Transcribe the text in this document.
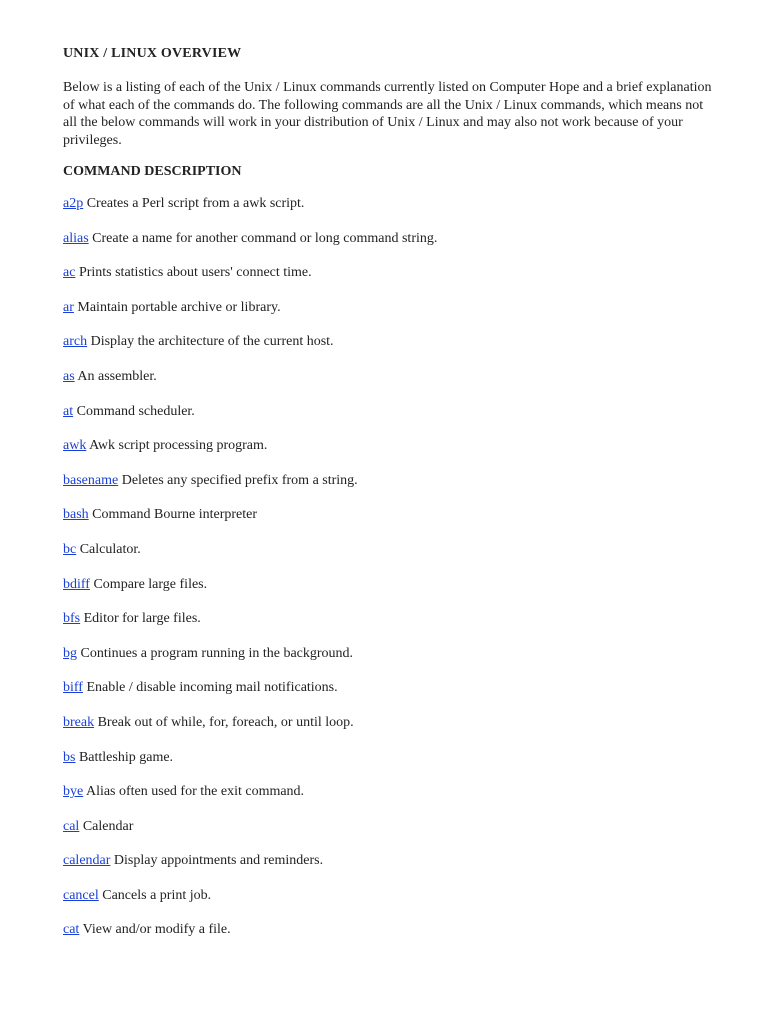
UNIX / LINUX OVERVIEW

Below is a listing of each of the Unix / Linux commands currently listed on Computer Hope and a brief explanation of what each of the commands do. The following commands are all the Unix / Linux commands, which means not all the below commands will work in your distribution of Unix / Linux and may also not work because of your privileges.

COMMAND DESCRIPTION
a2p Creates a Perl script from a awk script.
alias Create a name for another command or long command string.
ac Prints statistics about users' connect time.
ar Maintain portable archive or library.
arch Display the architecture of the current host.
as An assembler.
at Command scheduler.
awk Awk script processing program.
basename Deletes any specified prefix from a string.
bash Command Bourne interpreter
bc Calculator.
bdiff Compare large files.
bfs Editor for large files.
bg Continues a program running in the background.
biff Enable / disable incoming mail notifications.
break Break out of while, for, foreach, or until loop.
bs Battleship game.
bye Alias often used for the exit command.
cal Calendar
calendar Display appointments and reminders.
cancel Cancels a print job.
cat View and/or modify a file.
